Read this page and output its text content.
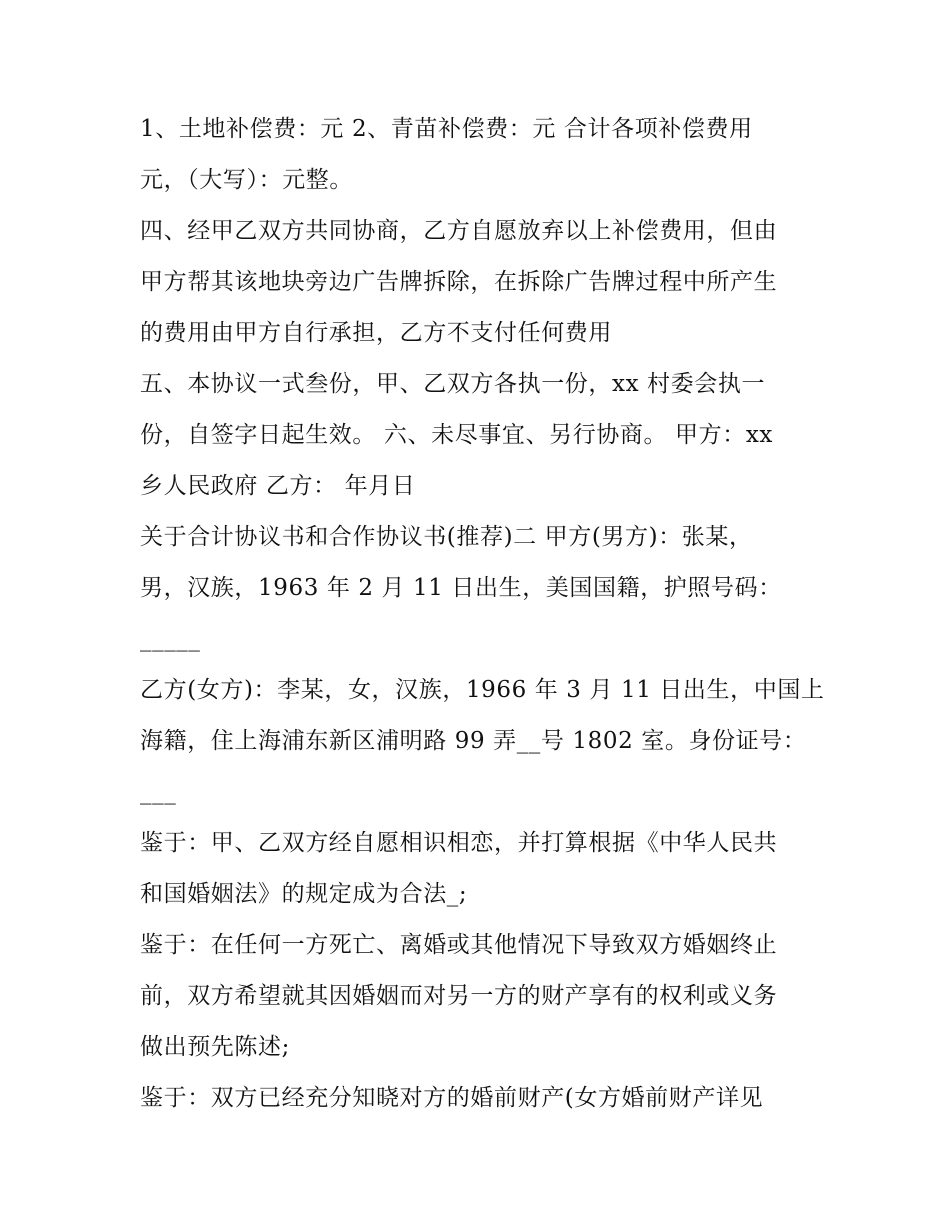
1、土地补偿费：元 2、青苗补偿费：元 合计各项补偿费用
元，（大写）：元整。
四、经甲乙双方共同协商，乙方自愿放弃以上补偿费用，但由
甲方帮其该地块旁边广告牌拆除，在拆除广告牌过程中所产生
的费用由甲方自行承担，乙方不支付任何费用
五、本协议一式叁份，甲、乙双方各执一份，xx 村委会执一
份，自签字日起生效。 六、未尽事宜、另行协商。 甲方：xx
乡人民政府 乙方： 年月日
关于合计协议书和合作协议书(推荐)二 甲方(男方)：张某，
男，汉族，1963 年 2 月 11 日出生，美国国籍，护照号码：
_____
乙方(女方)：李某，女，汉族，1966 年 3 月 11 日出生，中国上
海籍，住上海浦东新区浦明路 99 弄__号 1802 室。身份证号：
___
鉴于：甲、乙双方经自愿相识相恋，并打算根据《中华人民共
和国婚姻法》的规定成为合法_;
鉴于：在任何一方死亡、离婚或其他情况下导致双方婚姻终止
前，双方希望就其因婚姻而对另一方的财产享有的权利或义务
做出预先陈述;
鉴于：双方已经充分知晓对方的婚前财产(女方婚前财产详见
